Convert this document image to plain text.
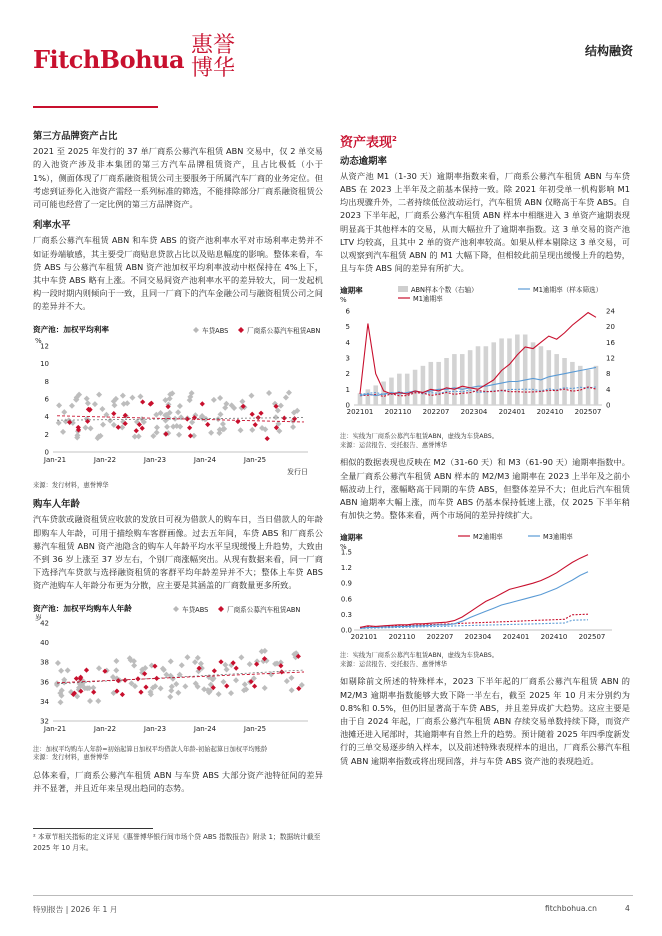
FitchBohua 惠誉
博华
结构融资
第三方品牌资产占比

2021 至 2025 年发行的 37 单厂商系公募汽车租赁 ABN 交易中，仅 2 单交易的入池资产涉及非本集团的第三方汽车品牌租赁资产，且占比极低（小于 1%），侧面体现了厂商系融资租赁公司主要服务于所属汽车厂商的业务定位。但考虑到证券化入池资产需经一系列标准的筛选，不能排除部分厂商系融资租赁公司可能也经营了一定比例的第三方品牌资产。

利率水平

厂商系公募汽车租赁 ABN 和车贷 ABS 的资产池利率水平对市场利率走势并不如证券端敏感，其主要受厂商贴息贷款占比以及贴息幅度的影响。整体来看，车贷 ABS 与公募汽车租赁 ABN 资产池加权平均利率波动中枢保持在 4%上下，其中车贷 ABS 略有上涨。不同交易间资产池利率水平的差异较大，同一发起机构一段时期内则倾向于一致，且同一厂商下的汽车金融公司与融资租赁公司之间的差异并不大。

资产池：加权平均利率
%
车贷ABS	厂商系公募汽车租赁ABN
0
2
4
6
8
10
12
Jan-21	Jan-22	Jan-23	Jan-24	Jan-25
发行日
来源：发行材料，惠誉博华
购车人年龄

汽车贷款或融资租赁应收款的发放日可视为借款人的购车日，当日借款人的年龄即购车人年龄，可用于描绘购车客群画像。过去五年间，车贷 ABS 和厂商系公募汽车租赁 ABN 资产池隐含的购车人年龄平均水平呈现缓慢上升趋势，大致由不到 36 岁上涨至 37 岁左右，个别厂商涨幅突出。从现有数据来看，同一厂商下选择汽车贷款与选择融资租赁的客群平均年龄差异并不大；整体上车贷 ABS 资产池购车人年龄分布更为分散，应主要是其涵盖的厂商数量更多所致。

资产池：加权平均购车人年龄
岁
车贷ABS	厂商系公募汽车租赁ABN
32
34
36
38
40
42
Jan-21	Jan-22	Jan-23	Jan-24	Jan-25
注：加权平均购车人年龄=初始起算日加权平均借款人年龄-初始起算日加权平均账龄
来源：发行材料，惠誉博华

总体来看，厂商系公募汽车租赁 ABN 与车贷 ABS 大部分资产池特征间的差异并不显著，并且近年来呈现出趋同的态势。

² 本章节相关指标的定义详见《惠誉博华银行间市场个贷 ABS 指数报告》附录 1；数据统计截至 2025 年 10 月末。
资产表现$^2$
动态逾期率

从资产池 M1（1-30 天）逾期率指数来看，厂商系公募汽车租赁 ABN 与车贷 ABS 在 2023 上半年及之前基本保持一致。除 2021 年初受单一机构影响 M1 均出现骤升外，二者持续低位波动运行，汽车租赁 ABN 仅略高于车贷 ABS。自 2023 下半年起，厂商系公募汽车租赁 ABN 样本中相继进入 3 单资产逾期表现明显高于其他样本的交易，从而大幅拉升了逾期率指数。这 3 单交易的资产池 LTV 均较高，且其中 2 单的资产池利率较高。如果从样本剔除这 3 单交易，可以观察到汽车租赁 ABN 的 M1 大幅下降，但相较此前呈现出缓慢上升的趋势，且与车贷 ABS 间的差异有所扩大。

逾期率
%
ABN样本个数（右轴）	M1逾期率（样本筛选）
M1逾期率
0
1
2
3
4
5
6
0
4
8
12
16
20
24
202101 202110 202207 202304 202401 202410 202507
注：实线为厂商系公募汽车租赁ABN，虚线为车贷ABS。
来源：运营报告、受托报告、惠誉博华

相似的数据表现也反映在 M2（31-60 天）和 M3（61-90 天）逾期率指数中。全量厂商系公募汽车租赁 ABN 样本的 M2/M3 逾期率在 2023 上半年及之前小幅波动上行，涨幅略高于同期的车贷 ABS，但整体差异不大；但此后汽车租赁 ABN 逾期率大幅上涨，而车贷 ABS 仍基本保持低速上涨，仅 2025 下半年稍有加快之势。整体来看，两个市场间的差异持续扩大。

逾期率
%
M2逾期率	M3逾期率
0.0
0.3
0.6
0.9
1.2
1.5
202101 202110 202207 202304 202401 202410 202507
注：实线为厂商系公募汽车租赁ABN，虚线为车贷ABS。
来源：运营报告、受托报告、惠誉博华

如剔除前文所述的特殊样本，2023 下半年起的厂商系公募汽车租赁 ABN 的 M2/M3 逾期率指数能够大致下降一半左右，截至 2025 年 10 月末分别约为 0.8%和 0.5%，但仍旧显著高于车贷 ABS，并且差异成扩大趋势。这应主要是由于自 2024 年起，厂商系公募汽车租赁 ABN 存续交易单数持续下降，而资产池摊还进入尾部时，其逾期率有自然上升的趋势。预计随着 2025 年四季度新发行的三单交易逐步纳入样本，以及前述特殊表现样本的退出，厂商系公募汽车租赁 ABN 逾期率指数或将出现回落，并与车贷 ABS 资产池的表现趋近。

特别报告 | 2026 年 1 月	fitchbohua.cn	4
